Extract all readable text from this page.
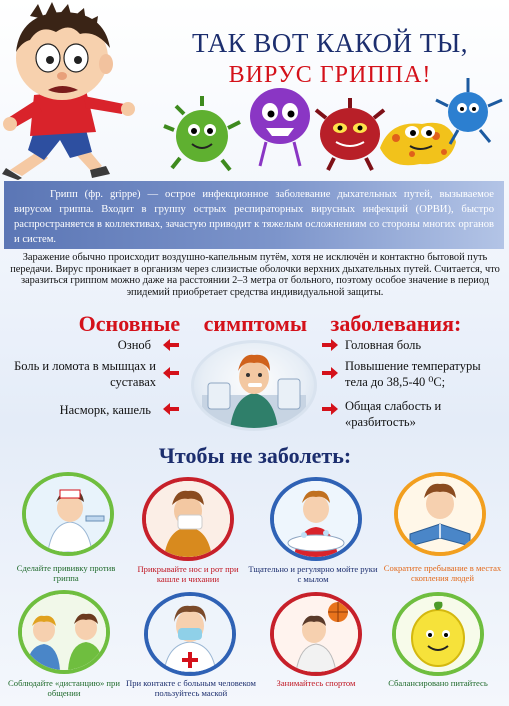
ТАК ВОТ КАКОЙ ТЫ,
ВИРУС ГРИППА!
Грипп (фр. grippe) — острое инфекционное заболевание дыхательных путей, вызываемое вирусом гриппа. Входит в группу острых респираторных вирусных инфекций (ОРВИ), быстро распространяется в коллективах, зачастую приводит к тяжелым осложнениям со стороны многих органов и систем.
Заражение обычно происходит воздушно-капельным путём, хотя не исключён и контактно бытовой путь передачи. Вирус проникает в организм через слизистые оболочки верхних дыхательных путей. Считается, что заразиться гриппом можно даже на расстоянии 2–3 метра от больного, поэтому особое значение в период эпидемий приобретает средства индивидуальной защиты.
Основные симптомы заболевания:
Озноб
Боль и ломота в мышцах и суставах
Насморк, кашель
Головная боль
Повышение температуры тела до 38,5-40 ⁰С;
Общая слабость и «разбитость»
Чтобы не заболеть:
Сделайте прививку против гриппа
Прикрывайте нос и рот при кашле и чихании
Тщательно и регулярно мойте руки с мылом
Сократите пребывание в местах скопления людей
Соблюдайте «дистанцию» при общении
При контакте с больным человеком пользуйтесь маской
Занимайтесь спортом	Сбалансировано питайтесь
